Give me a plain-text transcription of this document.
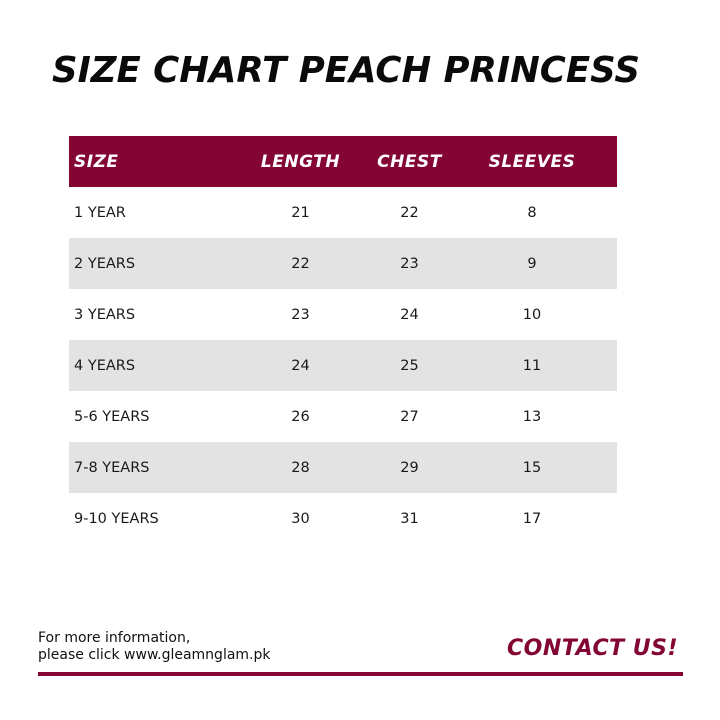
SIZE CHART PEACH PRINCESS
SIZE	LENGTH	CHEST	SLEEVES
1 YEAR	21	22	8
2 YEARS	22	23	9
3 YEARS	23	24	10
4 YEARS	24	25	11
5-6 YEARS	26	27	13
7-8 YEARS	28	29	15
9-10 YEARS	30	31	17
For more information,
please click www.gleamnglam.pk	CONTACT US!
